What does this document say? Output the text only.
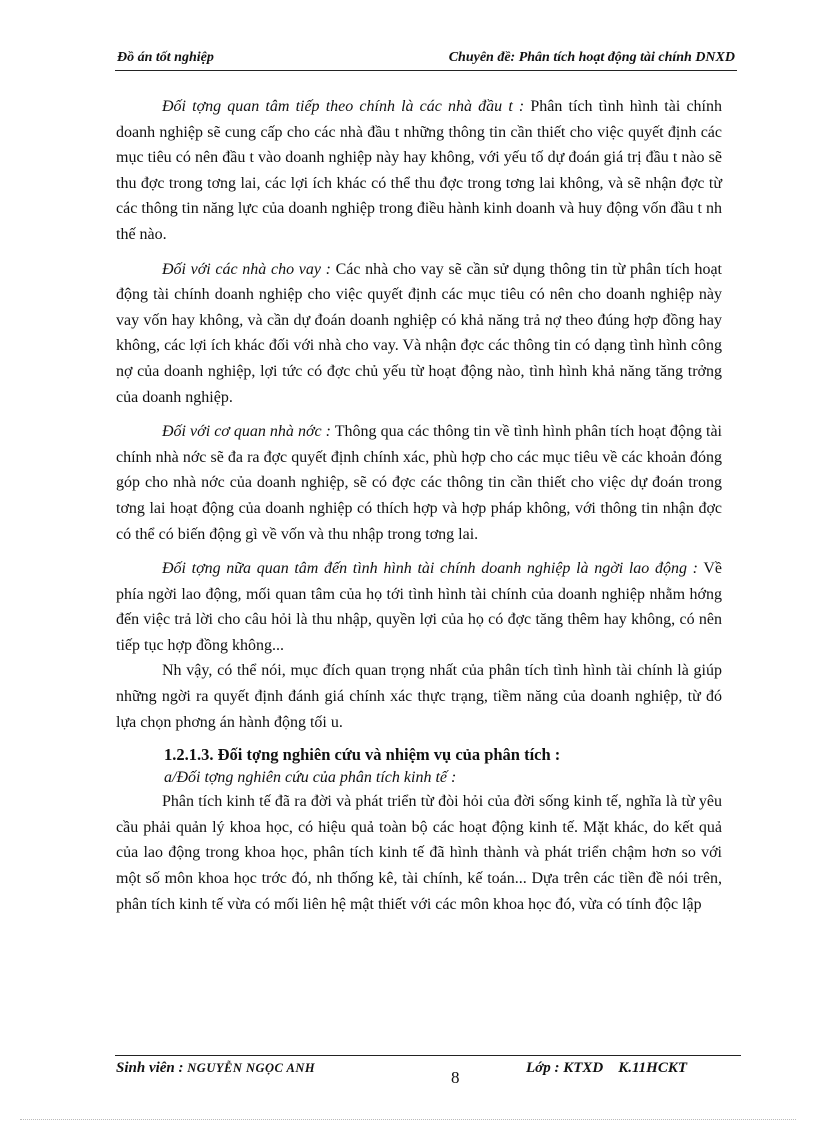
Đồ án tốt nghiệp	Chuyên đề: Phân tích hoạt động tài chính DNXD

Đối tợng quan tâm tiếp theo chính là các nhà đầu t : Phân tích tình hình tài chính doanh nghiệp sẽ cung cấp cho các nhà đầu t những thông tin cần thiết cho việc quyết định các mục tiêu có nên đầu t vào doanh nghiệp này hay không, với yếu tố dự đoán giá trị đầu t nào sẽ thu đợc trong tơng lai, các lợi ích khác có thể thu đợc trong tơng lai không, và sẽ nhận đợc từ các thông tin năng lực của doanh nghiệp trong điều hành kinh doanh và huy động vốn đầu t nh thế nào.

Đối với các nhà cho vay : Các nhà cho vay sẽ cần sử dụng thông tin từ phân tích hoạt động tài chính doanh nghiệp cho việc quyết định các mục tiêu có nên cho doanh nghiệp này vay vốn hay không, và cần dự đoán doanh nghiệp có khả năng trả nợ theo đúng hợp đồng hay không, các lợi ích khác đối với nhà cho vay. Và nhận đợc các thông tin có dạng tình hình công nợ của doanh nghiệp, lợi tức có đợc chủ yếu từ hoạt động nào, tình hình khả năng tăng trởng của doanh nghiệp.

Đối với cơ quan nhà nớc : Thông qua các thông tin về tình hình phân tích hoạt động tài chính nhà nớc sẽ đa ra đợc quyết định chính xác, phù hợp cho các mục tiêu về các khoản đóng góp cho nhà nớc của doanh nghiệp, sẽ có đợc các thông tin cần thiết cho việc dự đoán trong tơng lai hoạt động của doanh nghiệp có thích hợp và hợp pháp không, với thông tin nhận đợc có thể có biến động gì về vốn và thu nhập trong tơng lai.

Đối tợng nữa quan tâm đến tình hình tài chính doanh nghiệp là ngời lao động : Về phía ngời lao động, mối quan tâm của họ tới tình hình tài chính của doanh nghiệp nhằm hớng đến việc trả lời cho câu hỏi là thu nhập, quyền lợi của họ có đợc tăng thêm hay không, có nên tiếp tục hợp đồng không...

Nh vậy, có thể nói, mục đích quan trọng nhất của phân tích tình hình tài chính là giúp những ngời ra quyết định đánh giá chính xác thực trạng, tiềm năng của doanh nghiệp, từ đó lựa chọn phơng án hành động tối u.

1.2.1.3. Đối tợng nghiên cứu và nhiệm vụ của phân tích :
a/Đối tợng nghiên cứu của phân tích kinh tế :

Phân tích kinh tế đã ra đời và phát triển từ đòi hỏi của đời sống kinh tế, nghĩa là từ yêu cầu phải quản lý khoa học, có hiệu quả toàn bộ các hoạt động kinh tế. Mặt khác, do kết quả của lao động trong khoa học, phân tích kinh tế đã hình thành và phát triển chậm hơn so với một số môn khoa học trớc đó, nh thống kê, tài chính, kế toán... Dựa trên các tiền đề nói trên, phân tích kinh tế vừa có mối liên hệ mật thiết với các môn khoa học đó, vừa có tính độc lập

Sinh viên : NGUYỄN NGỌC ANH	8	Lớp : KTXD K.11HCKT
